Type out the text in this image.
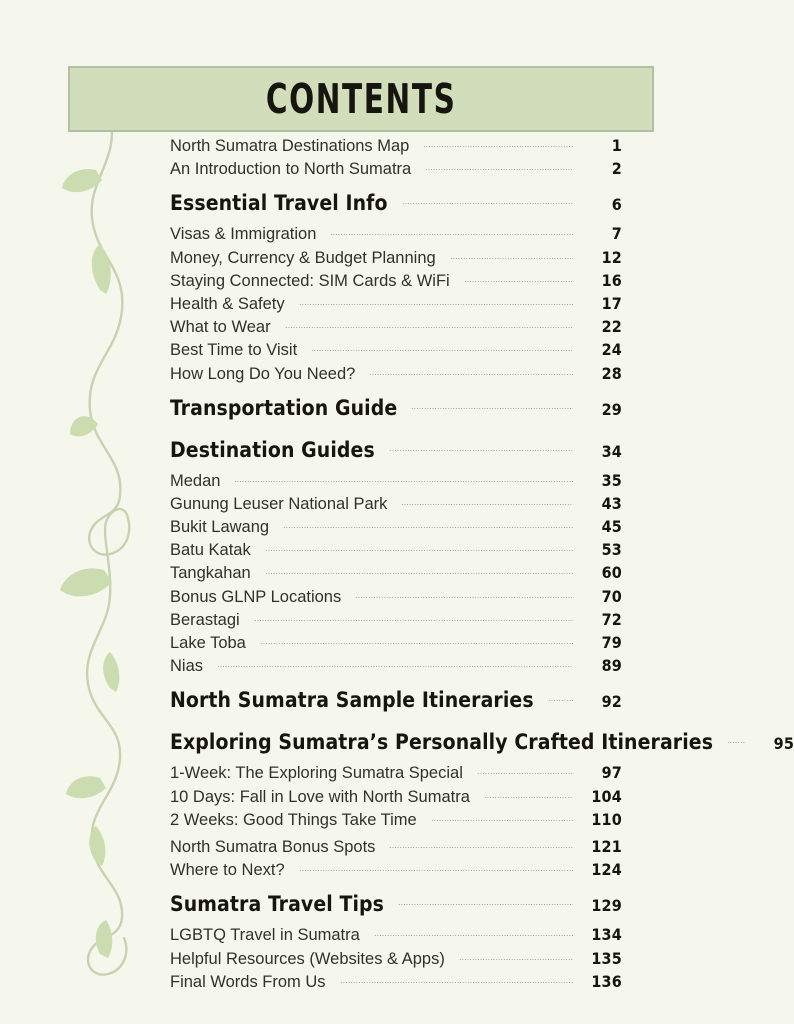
CONTENTS
North Sumatra Destinations Map	1
An Introduction to North Sumatra	2
Essential Travel Info	6
Visas & Immigration	7
Money, Currency & Budget Planning	12
Staying Connected: SIM Cards & WiFi	16
Health & Safety	17
What to Wear	22
Best Time to Visit	24
How Long Do You Need?	28
Transportation Guide	29
Destination Guides	34
Medan	35
Gunung Leuser National Park	43
Bukit Lawang	45
Batu Katak	53
Tangkahan	60
Bonus GLNP Locations	70
Berastagi	72
Lake Toba	79
Nias	89
North Sumatra Sample Itineraries	92
Exploring Sumatra’s Personally Crafted Itineraries	95
1-Week: The Exploring Sumatra Special	97
10 Days: Fall in Love with North Sumatra	104
2 Weeks: Good Things Take Time	110
North Sumatra Bonus Spots	121
Where to Next?	124
Sumatra Travel Tips	129
LGBTQ Travel in Sumatra	134
Helpful Resources (Websites & Apps)	135
Final Words From Us	136
